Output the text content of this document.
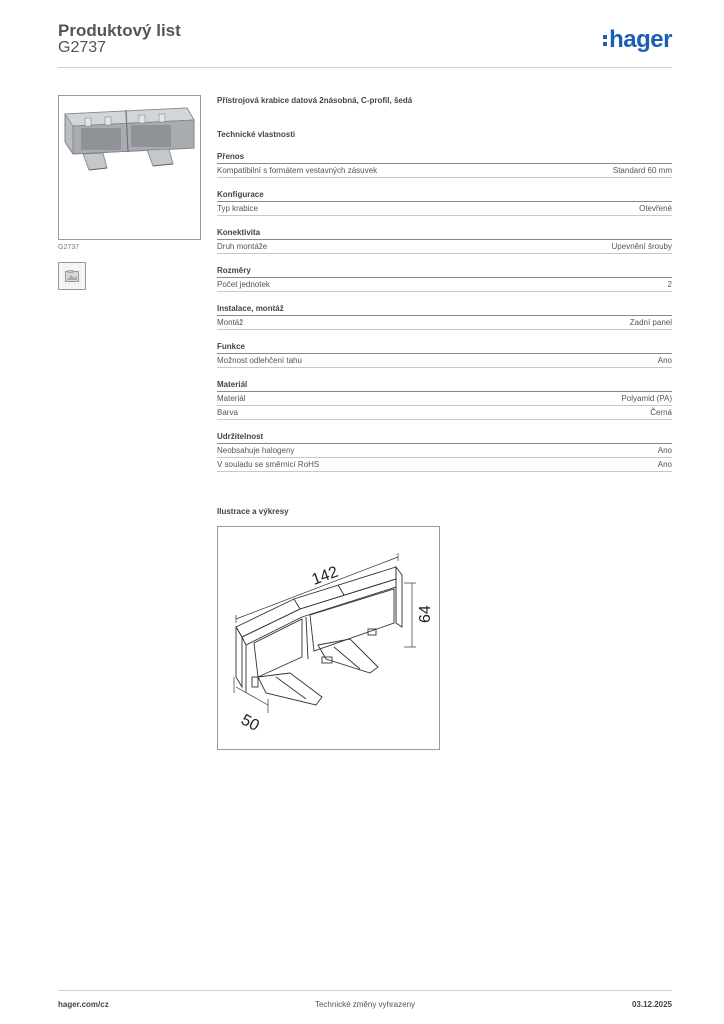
Produktový list
G2737	hager
G2737
Přístrojová krabice datová 2násobná, C-profil, šedá
Technické vlastnosti
Přenos
Kompatibilní s formátem vestavných zásuvek	Standard 60 mm
Konfigurace
Typ krabice	Otevřené
Konektivita
Druh montáže	Upevnění šrouby
Rozměry
Počet jednotek	2
Instalace, montáž
Montáž	Zadní panel
Funkce
Možnost odlehčení tahu	Ano
Materiál
Materiál	Polyamid (PA)
Barva	Černá
Udržitelnost
Neobsahuje halogeny	Ano
V souladu se směrnicí RoHS	Ano
Ilustrace a výkresy
142
64
50
hager.com/cz	Technické změny vyhrazeny	03.12.2025
